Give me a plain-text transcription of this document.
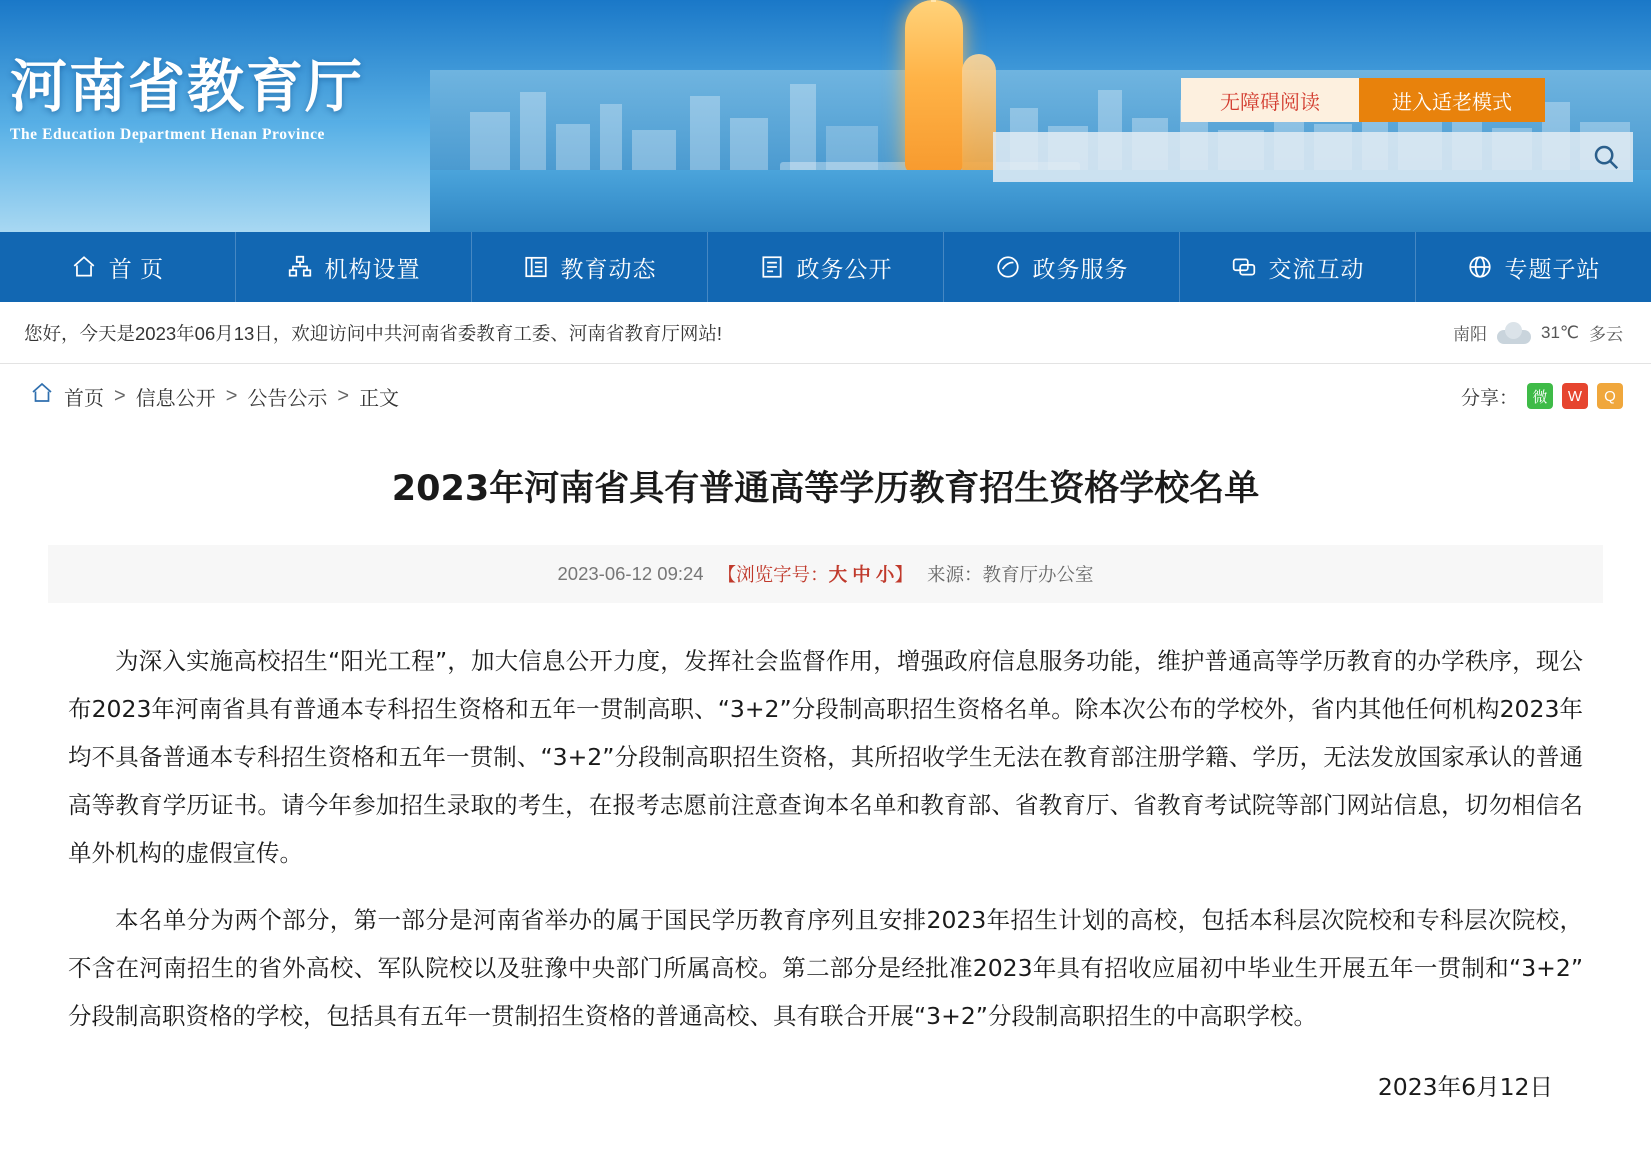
河南省教育厅
The Education Department Henan Province
无障碍阅读	进入适老模式
首 页	机构设置	教育动态	政务公开	政务服务	交流互动	专题子站
您好，今天是2023年06月13日，欢迎访问中共河南省委教育工委、河南省教育厅网站!	南阳	31℃ 多云
首页 > 信息公开 > 公告公示 > 正文	分享： 微	W	Q
2023年河南省具有普通高等学历教育招生资格学校名单
2023-06-12 09:24 【浏览字号：大 中 小】 来源：教育厅办公室

为深入实施高校招生“阳光工程”，加大信息公开力度，发挥社会监督作用，增强政府信息服务功能，维护普通高等学历教育的办学秩序，现公布2023年河南省具有普通本专科招生资格和五年一贯制高职、“3+2”分段制高职招生资格名单。除本次公布的学校外，省内其他任何机构2023年均不具备普通本专科招生资格和五年一贯制、“3+2”分段制高职招生资格，其所招收学生无法在教育部注册学籍、学历，无法发放国家承认的普通高等教育学历证书。请今年参加招生录取的考生，在报考志愿前注意查询本名单和教育部、省教育厅、省教育考试院等部门网站信息，切勿相信名单外机构的虚假宣传。

本名单分为两个部分，第一部分是河南省举办的属于国民学历教育序列且安排2023年招生计划的高校，包括本科层次院校和专科层次院校，不含在河南招生的省外高校、军队院校以及驻豫中央部门所属高校。第二部分是经批准2023年具有招收应届初中毕业生开展五年一贯制和“3+2”分段制高职资格的学校，包括具有五年一贯制招生资格的普通高校、具有联合开展“3+2”分段制高职招生的中高职学校。

2023年6月12日
